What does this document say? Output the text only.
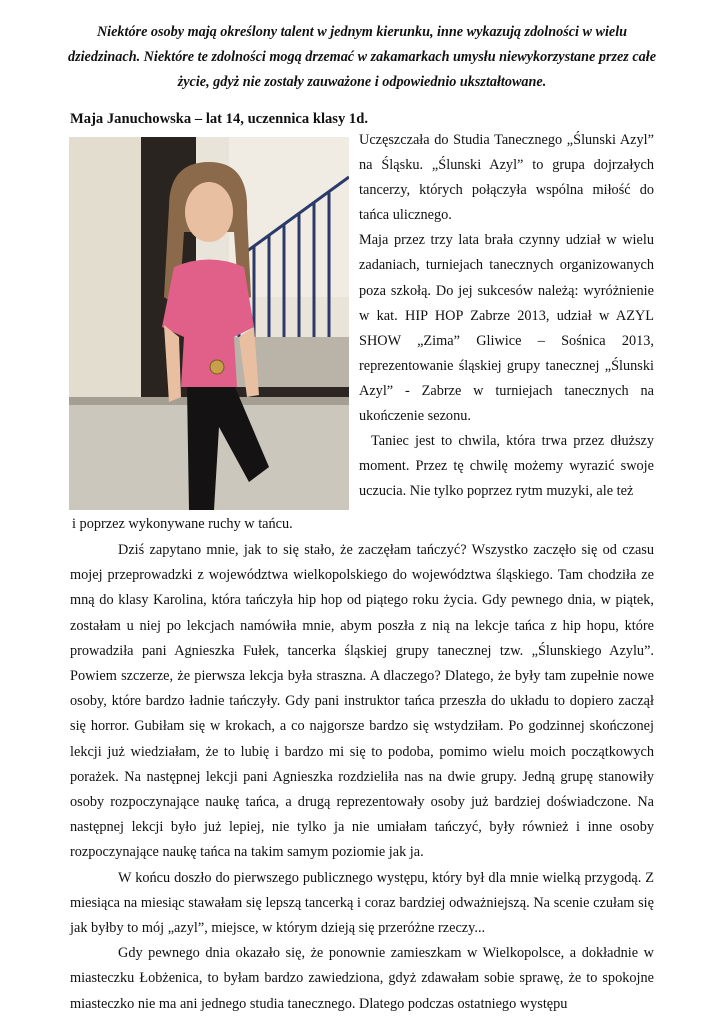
Niektóre osoby mają określony talent w jednym kierunku, inne wykazują zdolności w wielu dziedzinach. Niektóre te zdolności mogą drzemać w zakamarkach umysłu niewykorzystane przez całe życie, gdyż nie zostały zauważone i odpowiednio ukształtowane.
Maja Januchowska – lat 14, uczennica klasy 1d.

Uczęszczała do Studia Tanecznego „Ślunski Azyl” na Śląsku. „Ślunski Azyl” to grupa dojrzałych tancerzy, których połączyła wspólna miłość do tańca ulicznego.

Maja przez trzy lata brała czynny udział w wielu zadaniach, turniejach tanecznych organizowanych poza szkołą. Do jej sukcesów należą: wyróżnienie w kat. HIP HOP Zabrze 2013, udział w AZYL SHOW „Zima” Gliwice – Sośnica 2013, reprezentowanie śląskiej grupy tanecznej „Ślunski Azyl” - Zabrze w turniejach tanecznych na ukończenie sezonu.

Taniec jest to chwila, która trwa przez dłuższy moment. Przez tę chwilę możemy wyrazić swoje uczucia. Nie tylko poprzez rytm muzyki, ale też

i poprzez wykonywane ruchy w tańcu.

Dziś zapytano mnie, jak to się stało, że zaczęłam tańczyć? Wszystko zaczęło się od czasu mojej przeprowadzki z województwa wielkopolskiego do województwa śląskiego. Tam chodziła ze mną do klasy Karolina, która tańczyła hip hop od piątego roku życia. Gdy pewnego dnia, w piątek, zostałam u niej po lekcjach namówiła mnie, abym poszła z nią na lekcje tańca z hip hopu, które prowadziła pani Agnieszka Fułek, tancerka śląskiej grupy tanecznej tzw. „Ślunskiego Azylu”. Powiem szczerze, że pierwsza lekcja była straszna. A dlaczego? Dlatego, że były tam zupełnie nowe osoby, które bardzo ładnie tańczyły. Gdy pani instruktor tańca przeszła do układu to dopiero zaczął się horror. Gubiłam się w krokach, a co najgorsze bardzo się wstydziłam. Po godzinnej skończonej lekcji już wiedziałam, że to lubię i bardzo mi się to podoba, pomimo wielu moich początkowych porażek. Na następnej lekcji pani Agnieszka rozdzieliła nas na dwie grupy. Jedną grupę stanowiły osoby rozpoczynające naukę tańca, a drugą reprezentowały osoby już bardziej doświadczone. Na następnej lekcji było już lepiej, nie tylko ja nie umiałam tańczyć, były również i inne osoby rozpoczynające naukę tańca na takim samym poziomie jak ja.

W końcu doszło do pierwszego publicznego występu, który był dla mnie wielką przygodą. Z miesiąca na miesiąc stawałam się lepszą tancerką i coraz bardziej odważniejszą. Na scenie czułam się jak byłby to mój „azyl”, miejsce, w którym dzieją się przeróżne rzeczy...

Gdy pewnego dnia okazało się, że ponownie zamieszkam w Wielkopolsce, a dokładnie w miasteczku Łobżenica, to byłam bardzo zawiedziona, gdyż zdawałam sobie sprawę, że to spokojne miasteczko nie ma ani jednego studia tanecznego. Dlatego podczas ostatniego występu
